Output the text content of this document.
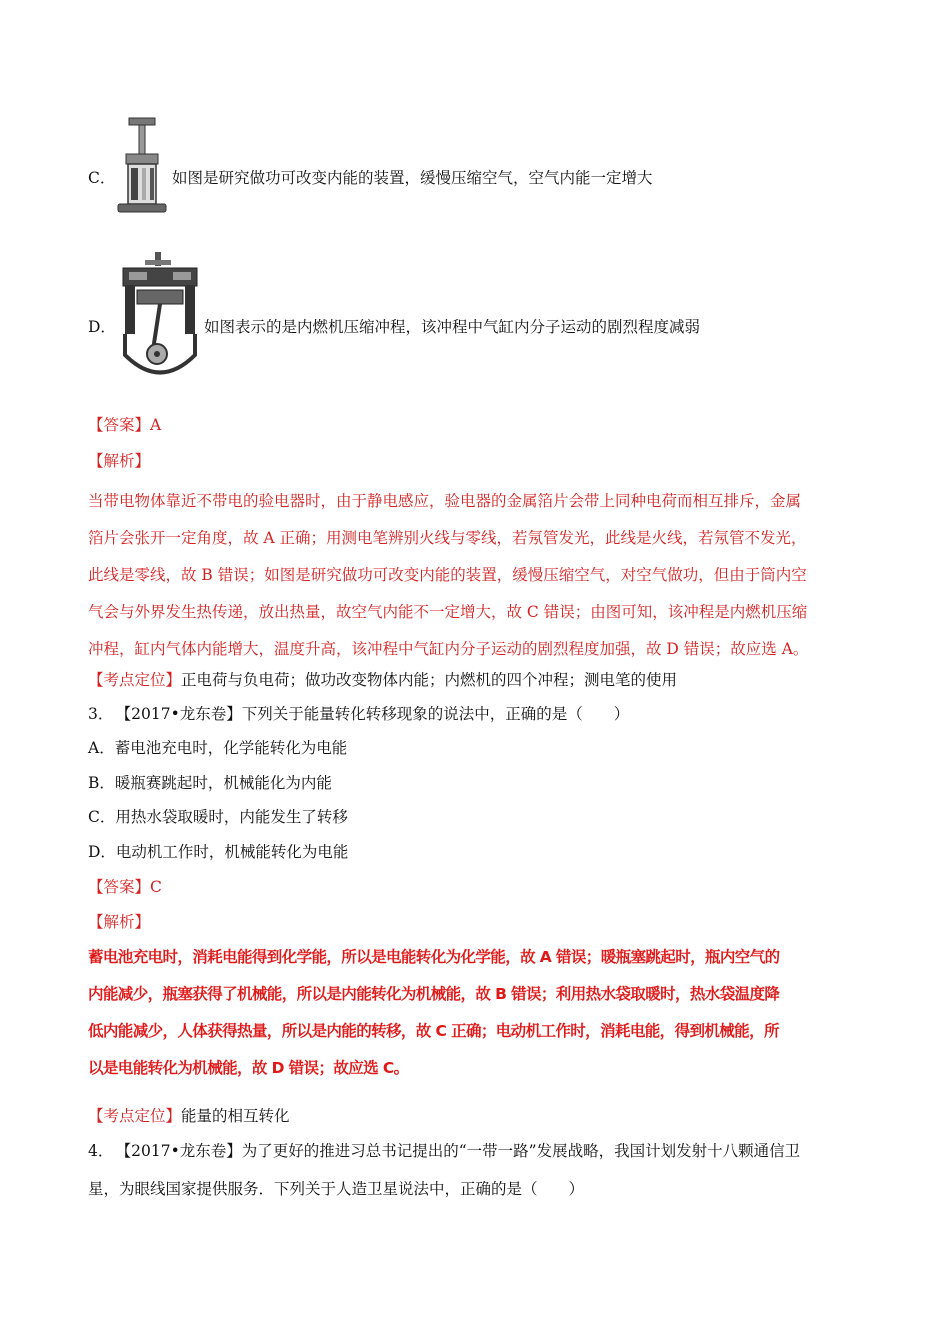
C．	如图是研究做功可改变内能的装置，缓慢压缩空气，空气内能一定增大
D．	如图表示的是内燃机压缩冲程，该冲程中气缸内分子运动的剧烈程度减弱
【答案】A
【解析】

当带电物体靠近不带电的验电器时，由于静电感应，验电器的金属箔片会带上同种电荷而相互排斥，金属

箔片会张开一定角度，故 A 正确；用测电笔辨别火线与零线，若氖管发光，此线是火线，若氖管不发光，

此线是零线，故 B 错误；如图是研究做功可改变内能的装置，缓慢压缩空气，对空气做功，但由于筒内空

气会与外界发生热传递，放出热量，故空气内能不一定增大，故 C 错误；由图可知，该冲程是内燃机压缩

冲程，缸内气体内能增大，温度升高，该冲程中气缸内分子运动的剧烈程度加强，故 D 错误；故应选 A。

【考点定位】正电荷与负电荷；做功改变物体内能；内燃机的四个冲程；测电笔的使用
3． 【2017•龙东卷】下列关于能量转化转移现象的说法中，正确的是（　　）
A．蓄电池充电时，化学能转化为电能
B．暖瓶赛跳起时，机械能化为内能
C．用热水袋取暖时，内能发生了转移
D．电动机工作时，机械能转化为电能
【答案】C
【解析】

蓄电池充电时，消耗电能得到化学能，所以是电能转化为化学能，故 A 错误；暖瓶塞跳起时，瓶内空气的

内能减少，瓶塞获得了机械能，所以是内能转化为机械能，故 B 错误；利用热水袋取暖时，热水袋温度降

低内能减少，人体获得热量，所以是内能的转移，故 C 正确；电动机工作时，消耗电能，得到机械能，所

以是电能转化为机械能，故 D 错误；故应选 C。

【考点定位】能量的相互转化
4． 【2017•龙东卷】为了更好的推进习总书记提出的“一带一路”发展战略，我国计划发射十八颗通信卫
星，为眼线国家提供服务．下列关于人造卫星说法中，正确的是（　　）
